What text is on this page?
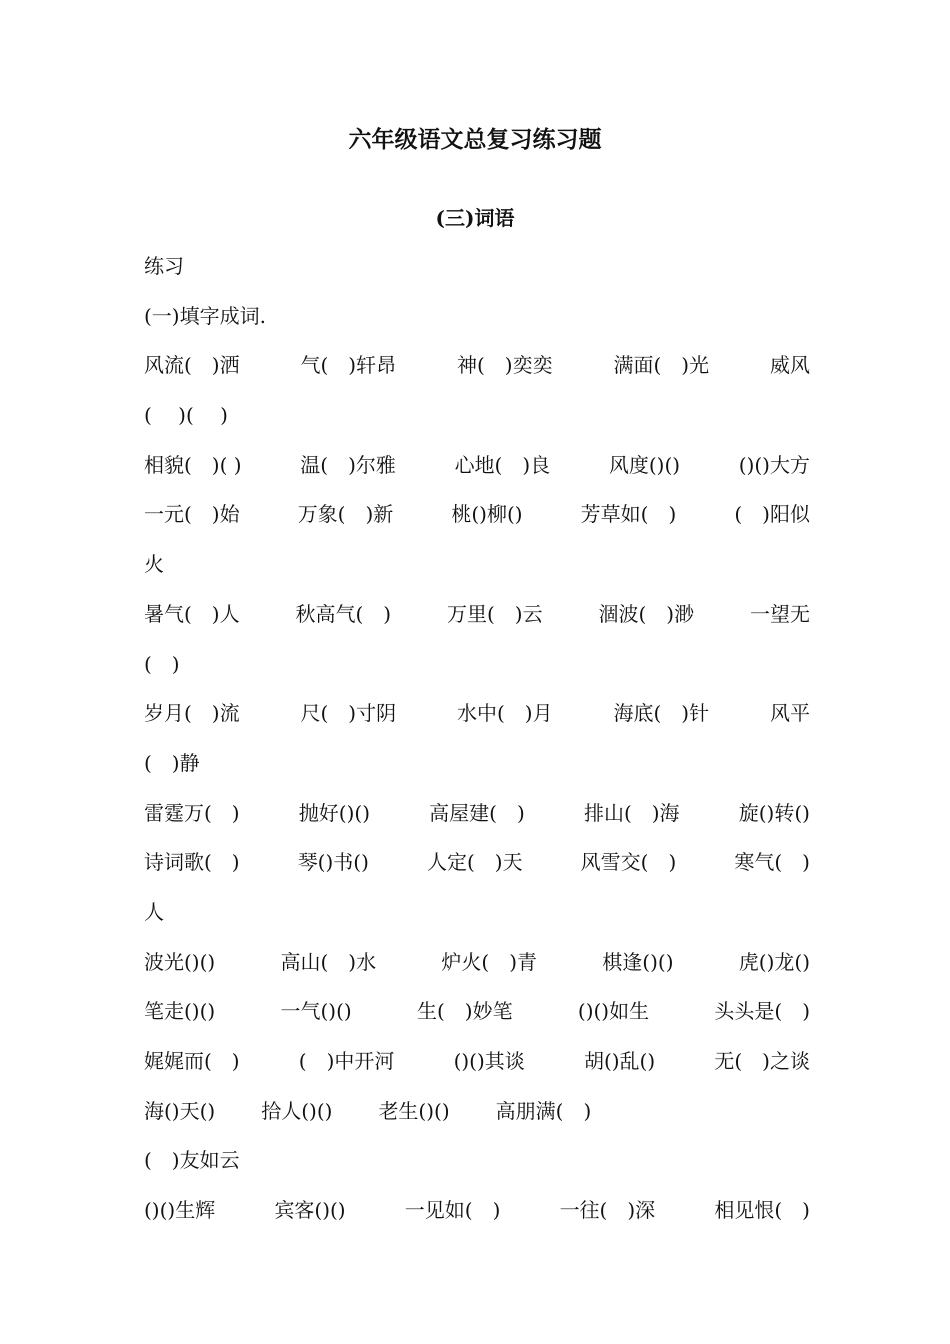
六年级语文总复习练习题
(三)词语
练习
(一)填字成词.
风流(　)洒	气(　)轩昂	神(　)奕奕	满面(　)光	威风
(　 )(　 )
相貌(　)( )	温(　)尔雅	心地(　)良	风度()()	()()大方
一元(　)始	万象(　)新	桃()柳()	芳草如(　)	(　)阳似
火
暑气(　)人	秋高气(　)	万里(　)云	涸波(　)渺	一望无
(　)
岁月(　)流	尺(　)寸阴	水中(　)月	海底(　)针	风平
(　)静
雷霆万(　)	抛好()()	高屋建(　)	排山(　)海	旋()转()
诗词歌(　)	琴()书()	人定(　)天	风雪交(　)	寒气(　)
人
波光()()	高山(　)水	炉火(　)青	棋逢()()	虎()龙()
笔走()()	一气()()	生(　)妙笔	()()如生	头头是(　)
娓娓而(　)	(　)中开河	()()其谈	胡()乱()	无(　)之谈
海()天() 拾人()() 老生()() 高朋满(　)
(　)友如云
()()生辉	宾客()()	一见如(　)	一往(　)深	相见恨(　)
